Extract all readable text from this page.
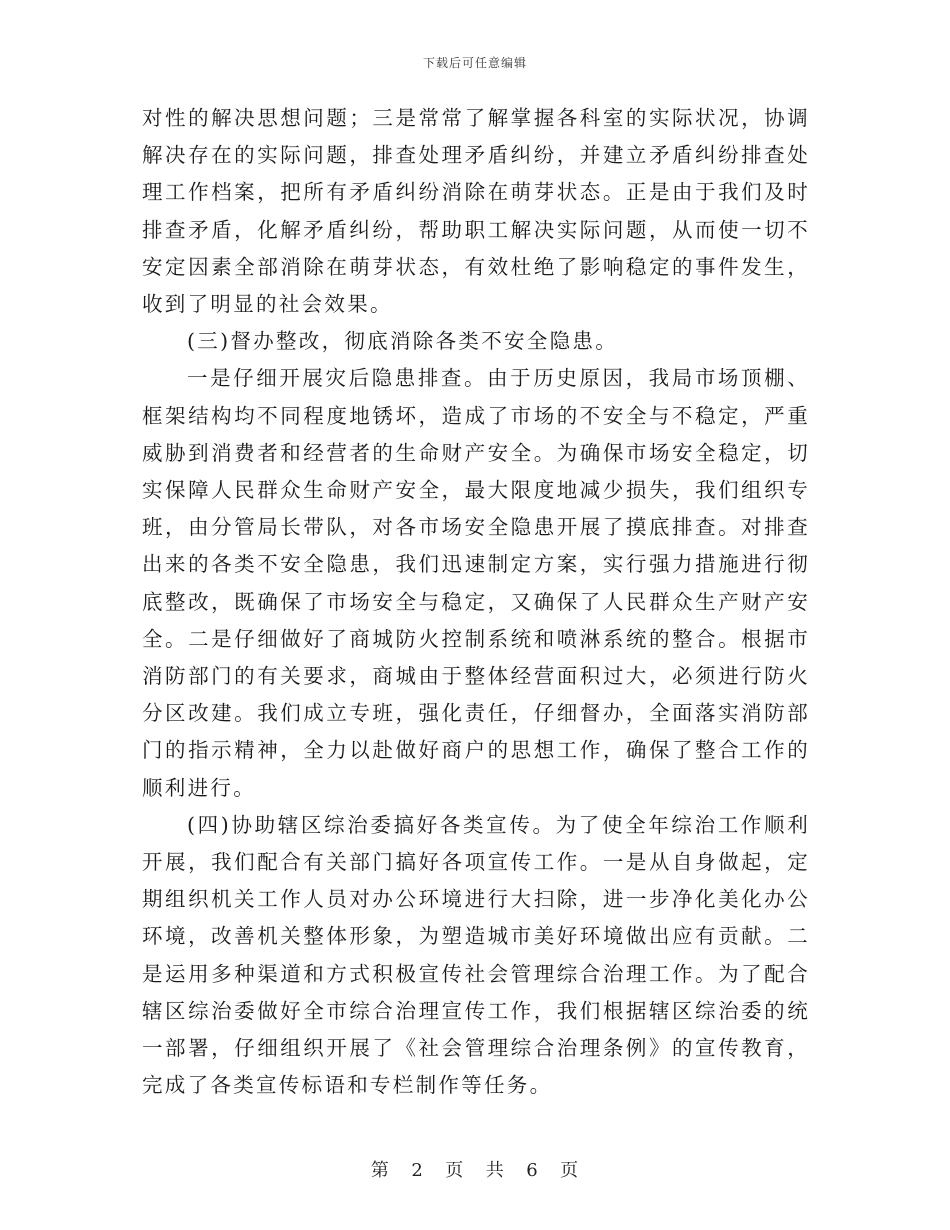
下载后可任意编辑

对性的解决思想问题；三是常常了解掌握各科室的实际状况，协调解决存在的实际问题，排查处理矛盾纠纷，并建立矛盾纠纷排查处理工作档案，把所有矛盾纠纷消除在萌芽状态。正是由于我们及时排查矛盾，化解矛盾纠纷，帮助职工解决实际问题，从而使一切不安定因素全部消除在萌芽状态，有效杜绝了影响稳定的事件发生，收到了明显的社会效果。

(三)督办整改，彻底消除各类不安全隐患。

一是仔细开展灾后隐患排查。由于历史原因，我局市场顶棚、框架结构均不同程度地锈坏，造成了市场的不安全与不稳定，严重威胁到消费者和经营者的生命财产安全。为确保市场安全稳定，切实保障人民群众生命财产安全，最大限度地减少损失，我们组织专班，由分管局长带队，对各市场安全隐患开展了摸底排查。对排查出来的各类不安全隐患，我们迅速制定方案，实行强力措施进行彻底整改，既确保了市场安全与稳定，又确保了人民群众生产财产安全。二是仔细做好了商城防火控制系统和喷淋系统的整合。根据市消防部门的有关要求，商城由于整体经营面积过大，必须进行防火分区改建。我们成立专班，强化责任，仔细督办，全面落实消防部门的指示精神，全力以赴做好商户的思想工作，确保了整合工作的顺利进行。

(四)协助辖区综治委搞好各类宣传。为了使全年综治工作顺利开展，我们配合有关部门搞好各项宣传工作。一是从自身做起，定期组织机关工作人员对办公环境进行大扫除，进一步净化美化办公环境，改善机关整体形象，为塑造城市美好环境做出应有贡献。二是运用多种渠道和方式积极宣传社会管理综合治理工作。为了配合辖区综治委做好全市综合治理宣传工作，我们根据辖区综治委的统一部署，仔细组织开展了《社会管理综合治理条例》的宣传教育，完成了各类宣传标语和专栏制作等任务。

第 2 页 共 6 页
